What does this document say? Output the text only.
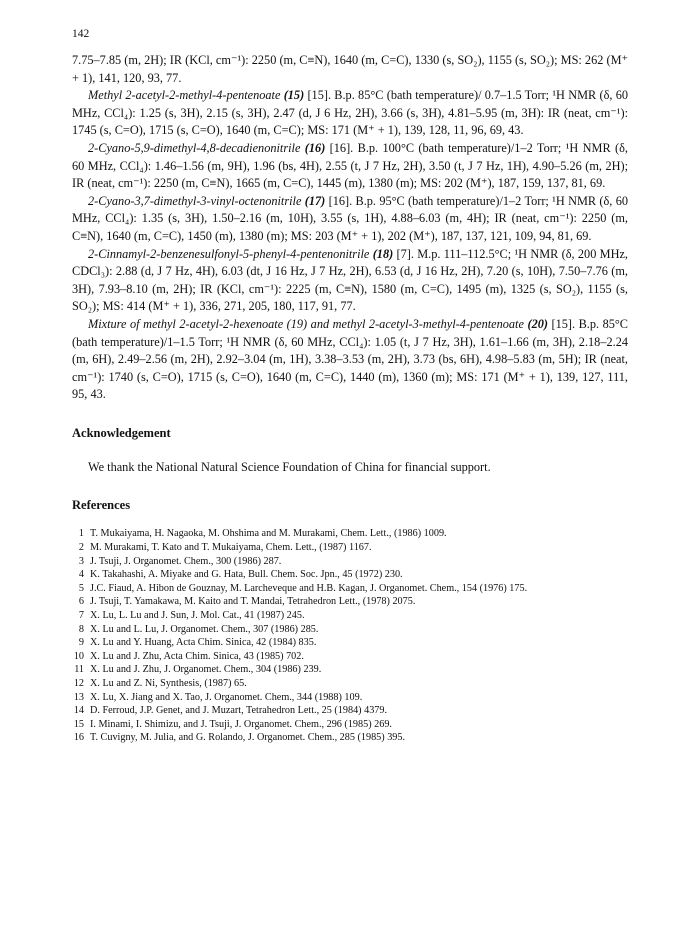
142

7.75–7.85 (m, 2H); IR (KCl, cm⁻¹): 2250 (m, C≡N), 1640 (m, C=C), 1330 (s, SO₂), 1155 (s, SO₂); MS: 262 (M⁺ + 1), 141, 120, 93, 77.

Methyl 2-acetyl-2-methyl-4-pentenoate (15) [15]. B.p. 85°C (bath temperature)/ 0.7–1.5 Torr; ¹H NMR (δ, 60 MHz, CCl₄): 1.25 (s, 3H), 2.15 (s, 3H), 2.47 (d, J 6 Hz, 2H), 3.66 (s, 3H), 4.81–5.95 (m, 3H): IR (neat, cm⁻¹): 1745 (s, C=O), 1715 (s, C=O), 1640 (m, C=C); MS: 171 (M⁺ + 1), 139, 128, 11, 96, 69, 43.

2-Cyano-5,9-dimethyl-4,8-decadienonitrile (16) [16]. B.p. 100°C (bath temperature)/1–2 Torr; ¹H NMR (δ, 60 MHz, CCl₄): 1.46–1.56 (m, 9H), 1.96 (bs, 4H), 2.55 (t, J 7 Hz, 2H), 3.50 (t, J 7 Hz, 1H), 4.90–5.26 (m, 2H); IR (neat, cm⁻¹): 2250 (m, C≡N), 1665 (m, C=C), 1445 (m), 1380 (m); MS: 202 (M⁺), 187, 159, 137, 81, 69.

2-Cyano-3,7-dimethyl-3-vinyl-octenonitrile (17) [16]. B.p. 95°C (bath temperature)/1–2 Torr; ¹H NMR (δ, 60 MHz, CCl₄): 1.35 (s, 3H), 1.50–2.16 (m, 10H), 3.55 (s, 1H), 4.88–6.03 (m, 4H); IR (neat, cm⁻¹): 2250 (m, C≡N), 1640 (m, C=C), 1450 (m), 1380 (m); MS: 203 (M⁺ + 1), 202 (M⁺), 187, 137, 121, 109, 94, 81, 69.

2-Cinnamyl-2-benzenesulfonyl-5-phenyl-4-pentenonitrile (18) [7]. M.p. 111–112.5°C; ¹H NMR (δ, 200 MHz, CDCl₃): 2.88 (d, J 7 Hz, 4H), 6.03 (dt, J 16 Hz, J 7 Hz, 2H), 6.53 (d, J 16 Hz, 2H), 7.20 (s, 10H), 7.50–7.76 (m, 3H), 7.93–8.10 (m, 2H); IR (KCl, cm⁻¹): 2225 (m, C≡N), 1580 (m, C=C), 1495 (m), 1325 (s, SO₂), 1155 (s, SO₂); MS: 414 (M⁺ + 1), 336, 271, 205, 180, 117, 91, 77.

Mixture of methyl 2-acetyl-2-hexenoate (19) and methyl 2-acetyl-3-methyl-4-pentenoate (20) [15]. B.p. 85°C (bath temperature)/1–1.5 Torr; ¹H NMR (δ, 60 MHz, CCl₄): 1.05 (t, J 7 Hz, 3H), 1.61–1.66 (m, 3H), 2.18–2.24 (m, 6H), 2.49–2.56 (m, 2H), 2.92–3.04 (m, 1H), 3.38–3.53 (m, 2H), 3.73 (bs, 6H), 4.98–5.83 (m, 5H); IR (neat, cm⁻¹): 1740 (s, C=O), 1715 (s, C=O), 1640 (m, C=C), 1440 (m), 1360 (m); MS: 171 (M⁺ + 1), 139, 127, 111, 95, 43.

Acknowledgement

We thank the National Natural Science Foundation of China for financial support.

References
1 T. Mukaiyama, H. Nagaoka, M. Ohshima and M. Murakami, Chem. Lett., (1986) 1009.
2 M. Murakami, T. Kato and T. Mukaiyama, Chem. Lett., (1987) 1167.
3 J. Tsuji, J. Organomet. Chem., 300 (1986) 287.
4 K. Takahashi, A. Miyake and G. Hata, Bull. Chem. Soc. Jpn., 45 (1972) 230.
5 J.C. Fiaud, A. Hibon de Gouznay, M. Larcheveque and H.B. Kagan, J. Organomet. Chem., 154 (1976) 175.
6 J. Tsuji, T. Yamakawa, M. Kaito and T. Mandai, Tetrahedron Lett., (1978) 2075.
7 X. Lu, L. Lu and J. Sun, J. Mol. Cat., 41 (1987) 245.
8 X. Lu and L. Lu, J. Organomet. Chem., 307 (1986) 285.
9 X. Lu and Y. Huang, Acta Chim. Sinica, 42 (1984) 835.
10 X. Lu and J. Zhu, Acta Chim. Sinica, 43 (1985) 702.
11 X. Lu and J. Zhu, J. Organomet. Chem., 304 (1986) 239.
12 X. Lu and Z. Ni, Synthesis, (1987) 65.
13 X. Lu, X. Jiang and X. Tao, J. Organomet. Chem., 344 (1988) 109.
14 D. Ferroud, J.P. Genet, and J. Muzart, Tetrahedron Lett., 25 (1984) 4379.
15 I. Minami, I. Shimizu, and J. Tsuji, J. Organomet. Chem., 296 (1985) 269.
16 T. Cuvigny, M. Julia, and G. Rolando, J. Organomet. Chem., 285 (1985) 395.
